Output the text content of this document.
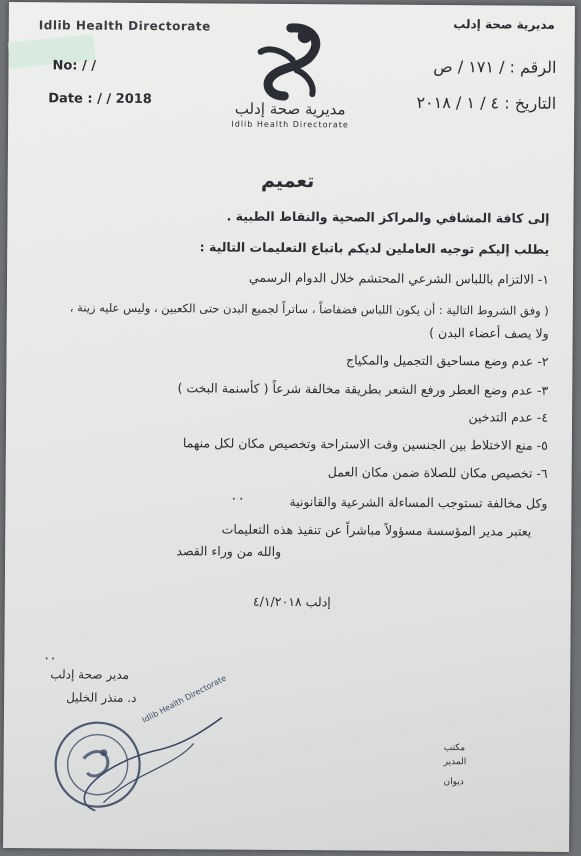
Idlib Health Directorate
No: / /
Date : / / 2018
مديرية صحة إدلب
الرقم : / ١٧١ / ص
التاريخ : ٤ / ١ / ٢٠١٨
مديرية صحة إدلب
Idlib Health Directorate
تعميم
إلى كافة المشافي والمراكز الصحية والنقاط الطبية .
يطلب إليكم توجيه العاملين لديكم باتباع التعليمات التالية :
١- الالتزام باللباس الشرعي المحتشم خلال الدوام الرسمي
( وفق الشروط التالية : أن يكون اللباس فضفاضاً ، ساتراً لجميع البدن حتى الكعبين ، وليس عليه زينة ،
ولا يصف أعضاء البدن )
٢- عدم وضع مساحيق التجميل والمكياج
٣- عدم وضع العطر ورفع الشعر بطريقة مخالفة شرعاً ( كأسنمة البخت )
٤- عدم التدخين
٥- منع الاختلاط بين الجنسين وقت الاستراحة وتخصيص مكان لكل منهما
٦- تخصيص مكان للصلاة ضمن مكان العمل
..	وكل مخالفة تستوجب المساءلة الشرعية والقانونية
يعتبر مدير المؤسسة مسؤولاً مباشراً عن تنفيذ هذه التعليمات
والله من وراء القصد
إدلب ٤/١/٢٠١٨
..
مدير صحة إدلب
د. منذر الخليل Idlib Health Directorate
مكتب
المدير
ديوان
